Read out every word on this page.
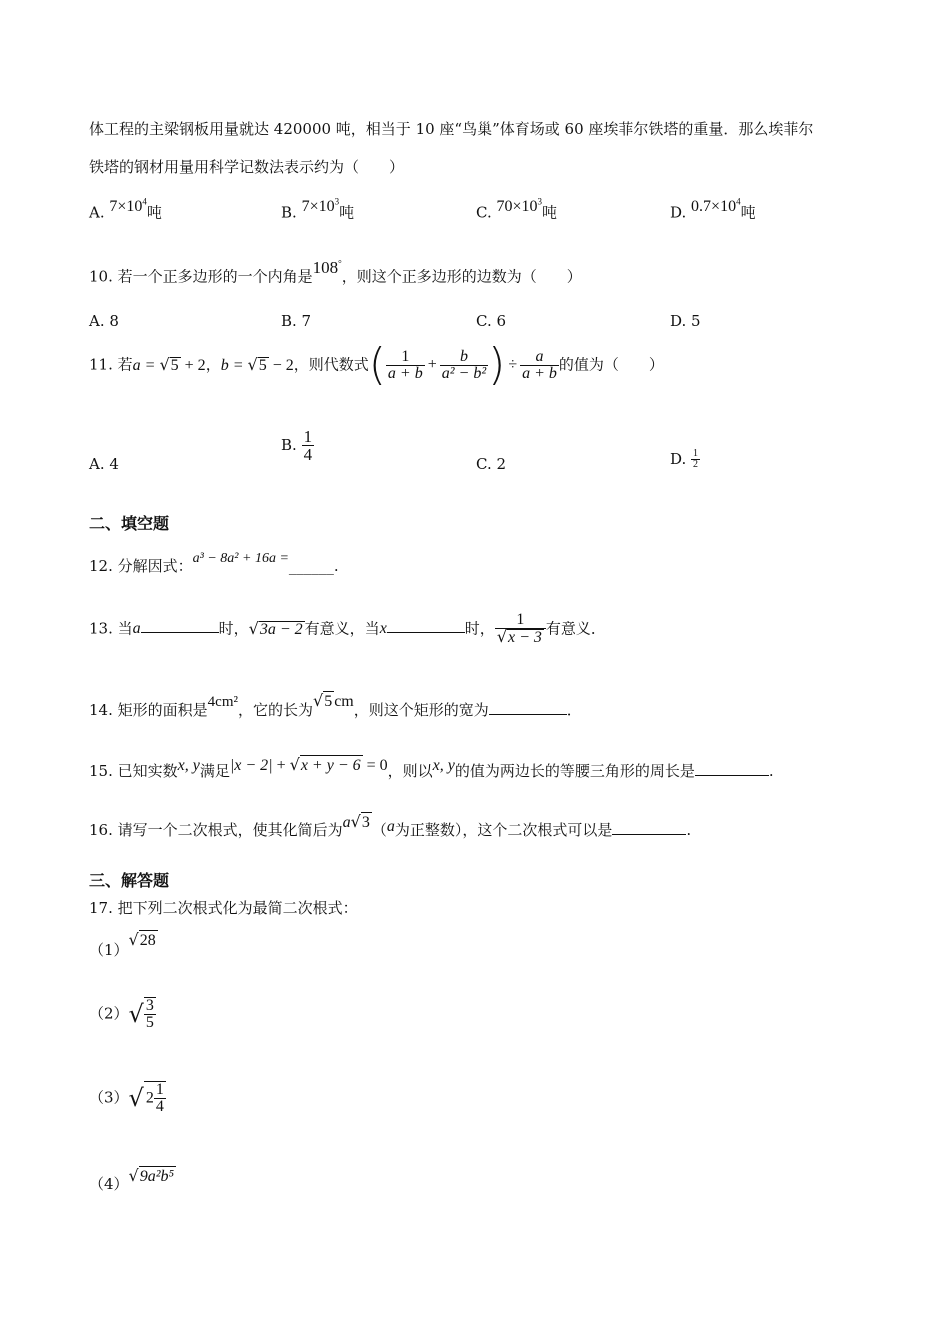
体工程的主梁钢板用量就达 420000 吨，相当于 10 座“鸟巢”体育场或 60 座埃菲尔铁塔的重量．那么埃菲尔
铁塔的钢材用量用科学记数法表示约为（　　）
A. $7\times 10^4$吨	B. $7\times 10^3$吨	C. $70\times 10^3$吨	D. $0.7\times 10^4$吨
10. 若一个正多边形的一个内角是108°，则这个正多边形的边数为（　　）
A. 8	B. 7	C. 6	D. 5
11. 若a = √5 + 2，b = √5 − 2，则代数式( $\frac{1}{a + b} + \frac{b}{\text{a² − b²}}$ ) ÷ $\frac{a}{a + b}$ 的值为（　　）
A. 4
B. $\frac{1}{4}$
C. 2	D. $\frac{1}{2}$
二、填空题
12. 分解因式：a³ − 8a² + 16a =______.
13. 当a	时，√3a − 2 有意义，当x	时， $\frac{1}{√x - 3}$ 有意义．
14. 矩形的面积是4cm²，它的长为√5 cm，则这个矩形的宽为	．
15. 已知实数x, y满足|x − 2| + √x + y − 6 = 0，则以x, y的值为两边长的等腰三角形的周长是	.
16. 请写一个二次根式，使其化简后为a√3 （a为正整数），这个二次根式可以是	.
三、解答题
17. 把下列二次根式化为最简二次根式：
（1）√28
$(2)√ \frac{3}{5}$
（3）√ $2 \frac{1}{4}$
（4）√9a²b⁵
